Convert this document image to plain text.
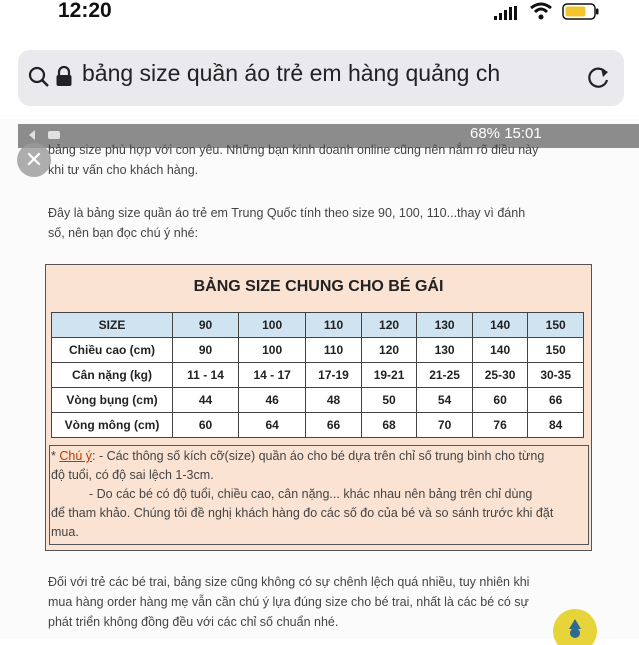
12:20
bảng size quần áo trẻ em hàng quảng ch
68% 15:01
bảng size phù hợp với con yêu. Những bạn kinh doanh online cũng nên nắm rõ điều này
khi tư vấn cho khách hàng.
Đây là bảng size quần áo trẻ em Trung Quốc tính theo size 90, 100, 110...thay vì đánh
số, nên bạn đọc chú ý nhé:
Đối với trẻ các bé trai, bảng size cũng không có sự chênh lệch quá nhiều, tuy nhiên khi
mua hàng order hàng mẹ vẫn cần chú ý lựa đúng size cho bé trai, nhất là các bé có sự
phát triển không đồng đều với các chỉ số chuẩn nhé.
✕
BẢNG SIZE CHUNG CHO BÉ GÁI
SIZE	90	100	110	120	130	140	150
Chiều cao (cm)	90	100	110	120	130	140	150
Cân nặng (kg)	11 - 14	14 - 17	17-19	19-21	21-25	25-30	30-35
Vòng bụng (cm)	44	46	48	50	54	60	66
Vòng mông (cm)	60	64	66	68	70	76	84
* Chú ý: - Các thông số kích cỡ(size) quần áo cho bé dựa trên chỉ số trung bình cho từng
độ tuổi, có độ sai lệch 1-3cm.
- Do các bé có độ tuổi, chiều cao, cân nặng... khác nhau nên bảng trên chỉ dùng
để tham khảo. Chúng tôi đề nghị khách hàng đo các số đo của bé và so sánh trước khi đặt
mua.
